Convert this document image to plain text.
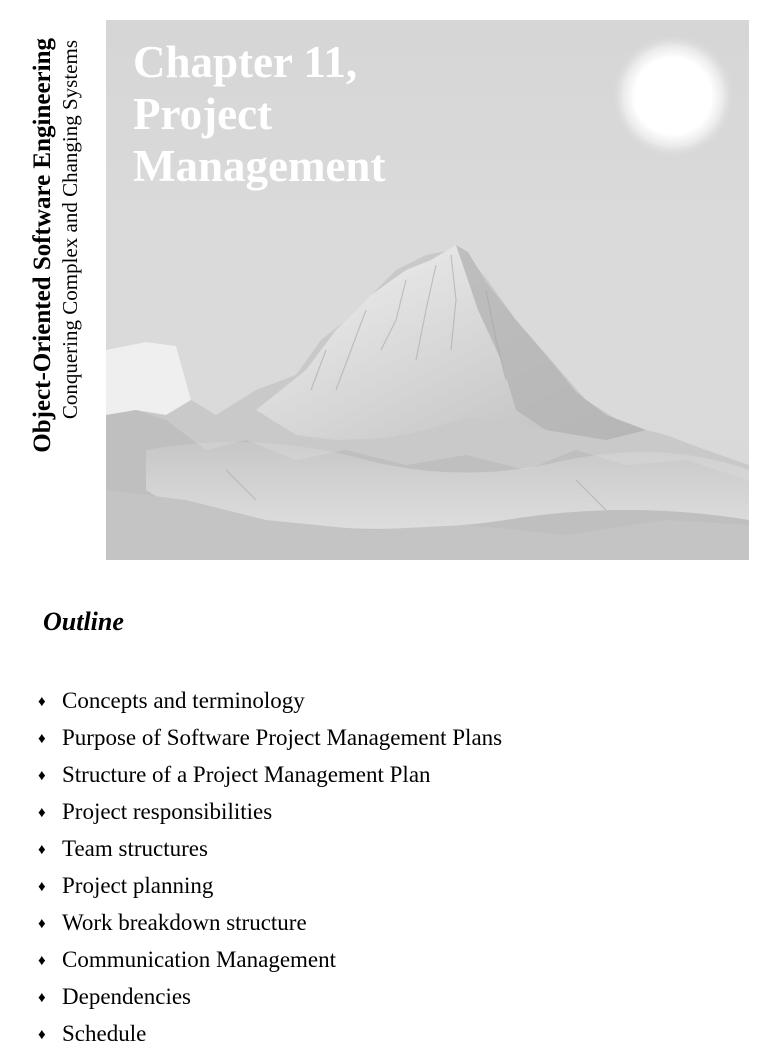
Object-Oriented Software Engineering Conquering Complex and Changing Systems Chapter 11,
Project
Management
Outline
♦ Concepts and terminology
♦ Purpose of Software Project Management Plans
♦ Structure of a Project Management Plan
♦ Project responsibilities
♦ Team structures
♦ Project planning
♦ Work breakdown structure
♦ Communication Management
♦ Dependencies
♦ Schedule
